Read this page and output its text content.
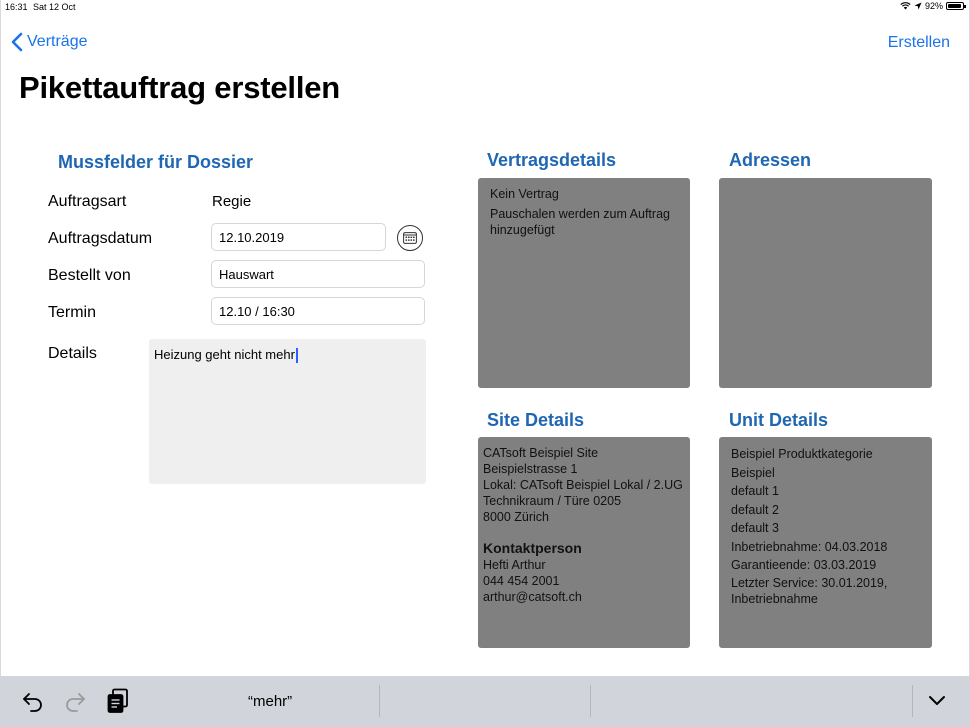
16:31 Sat 12 Oct	92%
Verträge	Erstellen
Pikettauftrag erstellen
Mussfelder für Dossier
Auftragsart	Regie
Auftragsdatum	12.10.2019
Bestellt von	Hauswart
Termin	12.10 / 16:30
Details	Heizung geht nicht mehr
Vertragsdetails

Kein Vertrag

Pauschalen werden zum Auftrag hinzugefügt

Adressen
Site Details

CATsoft Beispiel Site

Beispielstrasse 1

Lokal: CATsoft Beispiel Lokal / 2.UG Technikraum / Türe 0205

8000 Zürich

Kontaktperson

Hefti Arthur

044 454 2001

arthur@catsoft.ch

Unit Details

Beispiel Produktkategorie

Beispiel

default 1

default 2

default 3

Inbetriebnahme: 04.03.2018

Garantieende: 03.03.2019

Letzter Service: 30.01.2019, Inbetriebnahme

“mehr”
